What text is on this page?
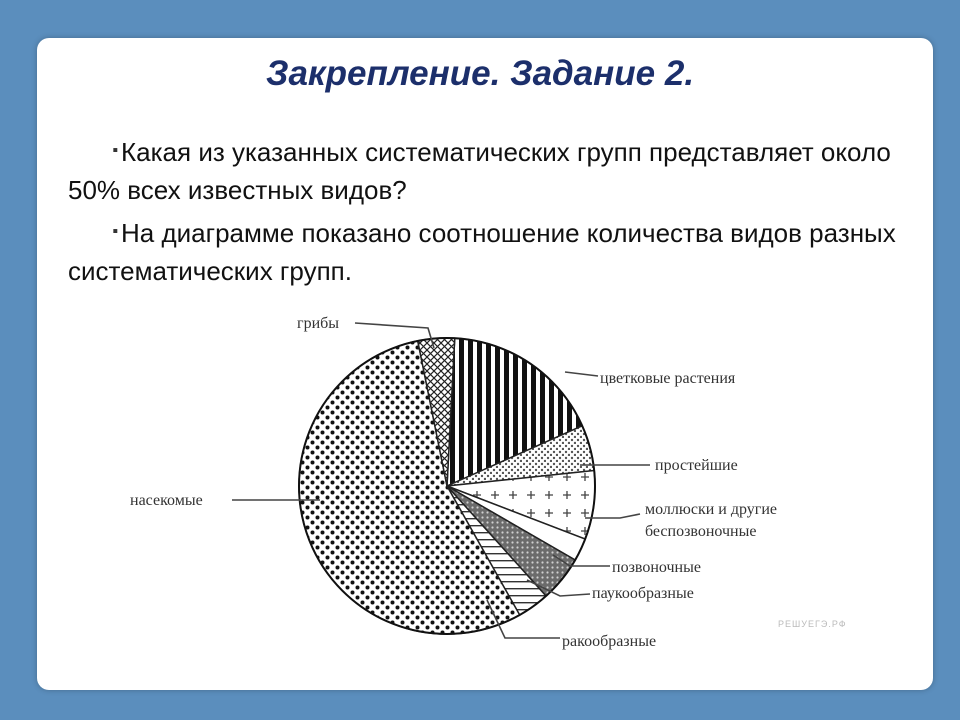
Закрепление. Задание 2.

▪Какая из указанных систематических групп представляет около 50% всех известных видов?

▪На диаграмме показано соотношение количества видов разных систематических групп.

цветковые растения
простейшие
моллюски и другие
беспозвоночные
позвоночные
паукообразные
ракообразные
насекомые
грибы
РЕШУЕГЭ.РФ
